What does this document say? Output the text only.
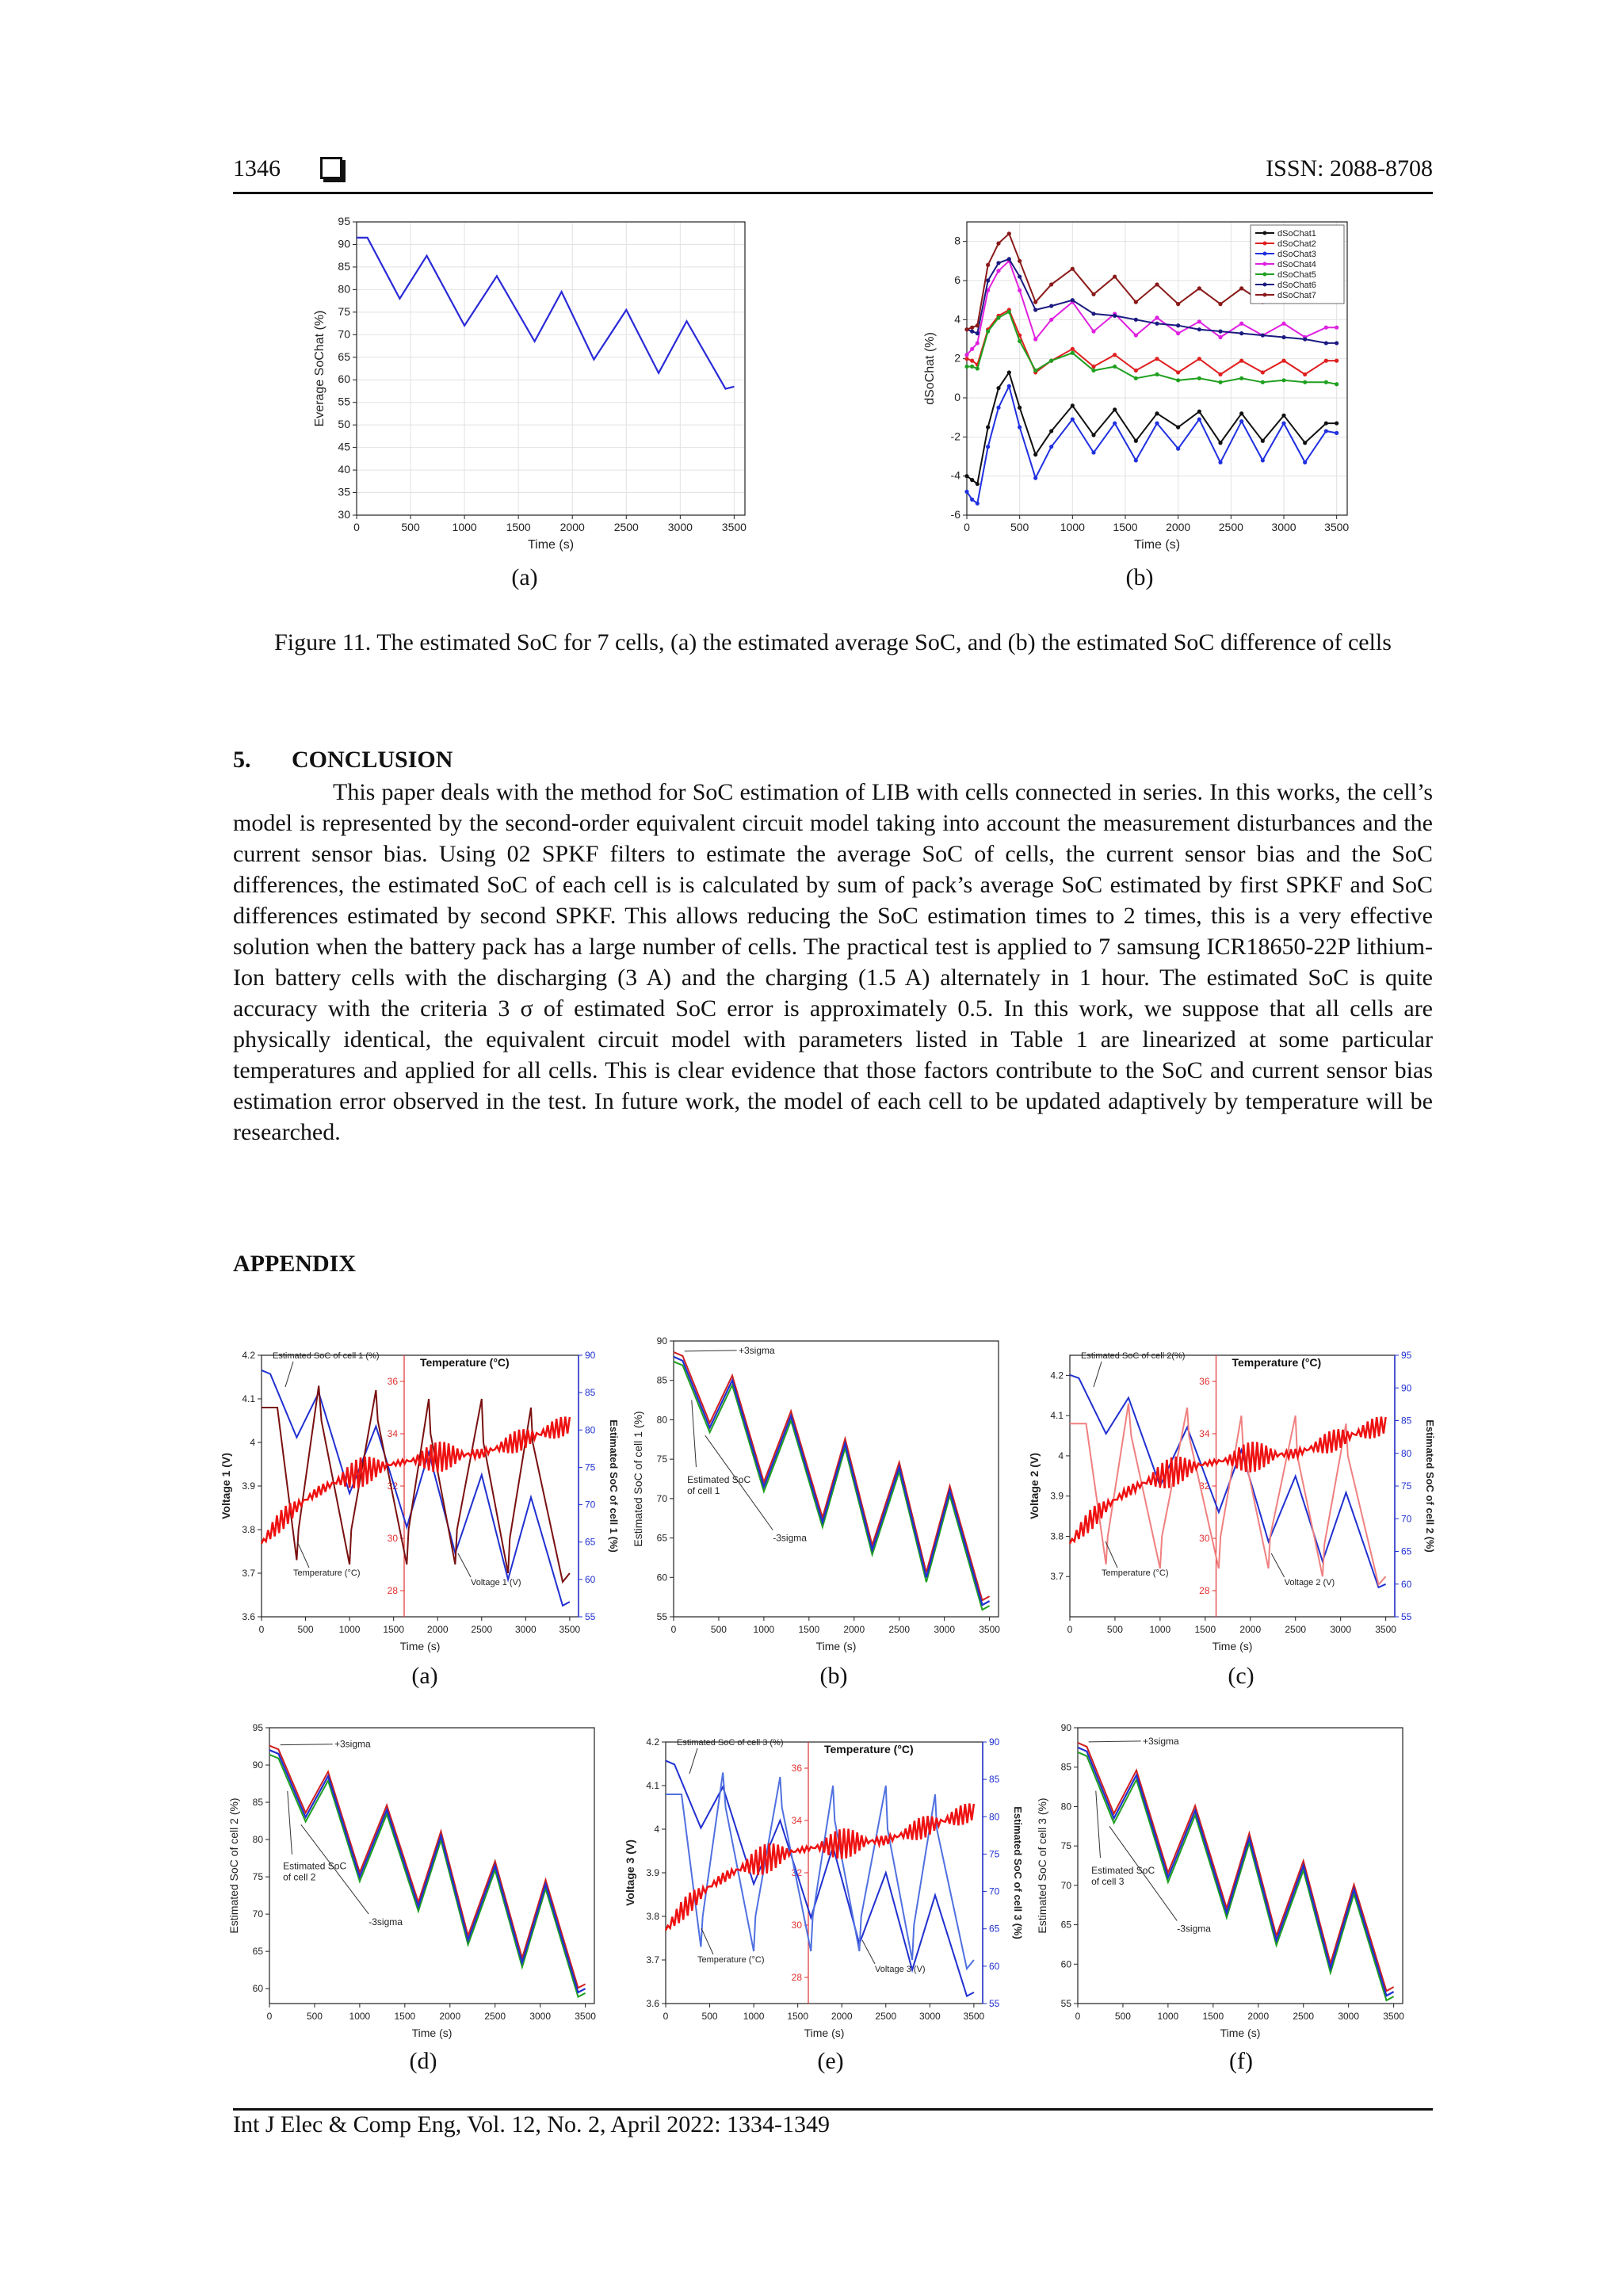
1346	ISSN: 2088-8708
0	500	1000	1500	2000	2500	3000	3500
30
35
40
45
50
55
60
65
70
75
80
85
90
95
Time (s)
Everage SoChat (%)
(a)
0	500	1000	1500	2000	2500	3000	3500
-6
-4
-2
0
2
4
6
8
Time (s)
dSoChat (%)
dSoChat1
dSoChat2
dSoChat3
dSoChat4
dSoChat5
dSoChat6
dSoChat7
(b)
Figure 11. The estimated SoC for 7 cells, (a) the estimated average SoC, and (b) the estimated SoC difference of cells
5. CONCLUSION
This paper deals with the method for SoC estimation of LIB with cells connected in series. In this works, the cell’s model is represented by the second-order equivalent circuit model taking into account the measurement disturbances and the current sensor bias. Using 02 SPKF filters to estimate the average SoC of cells, the current sensor bias and the SoC differences, the estimated SoC of each cell is is calculated by sum of pack’s average SoC estimated by first SPKF and SoC differences estimated by second SPKF. This allows reducing the SoC estimation times to 2 times, this is a very effective solution when the battery pack has a large number of cells. The practical test is applied to 7 samsung ICR18650-22P lithium-Ion battery cells with the discharging (3 A) and the charging (1.5 A) alternately in 1 hour. The estimated SoC is quite accuracy with the criteria 3 σ of estimated SoC error is approximately 0.5. In this work, we suppose that all cells are physically identical, the equivalent circuit model with parameters listed in Table 1 are linearized at some particular temperatures and applied for all cells. This is clear evidence that those factors contribute to the SoC and current sensor bias estimation error observed in the test. In future work, the model of each cell to be updated adaptively by temperature will be researched.
APPENDIX
0	500	1000 1500 2000 2500 3000 3500
3.6
3.7
3.8
3.9
4
4.1
4.2
Time (s)
Voltage 1 (V)
55
60
65
70
75
80
85
90
Estimated SoC of cell 1 (%)
28
30
32
34
36
Temperature (°C)
Estimated SoC of cell 1 (%)
Temperature (°C)
Voltage 1 (V)
0	500	1000	1500	2000	2500	3000	3500
55
60
65
70
75
80
85
90
Time (s)
Estimated SoC of cell 1 (%)
+3sigma
-3sigma
Estimated SoC
of cell 1
0	500	1000	1500	2000	2500	3000	3500
3.7
3.8
3.9
4
4.1
4.2
Time (s)
Voltage 2 (V)
55
60
65
70
75
80
85
90
95
Estimated SoC of cell 2 (%)
28
30
32
34
36
Temperature (°C)
Estimated SoC of cell 2(%)
Temperature (°C)
Voltage 2 (V)
(a)	(b)	(c)
0	500	1000	1500	2000	2500	3000	3500
60
65
70
75
80
85
90
95
Time (s)
Estimated SoC of cell 2 (%)
+3sigma
-3sigma
Estimated SoC
of cell 2
0	500	1000 1500 2000 2500 3000 3500
3.6
3.7
3.8
3.9
4
4.1
4.2
Time (s)
Voltage 3 (V)
55
60
65
70
75
80
85
90
Estimated SoC of cell 3 (%)
28
30
32
34
36
Temperature (°C)
Estimated SoC of cell 3 (%)
Temperature (°C)
Voltage 3 (V)
0	500	1000	1500	2000	2500	3000	3500
55
60
65
70
75
80
85
90
Time (s)
Estimated SoC of cell 3 (%)
+3sigma
-3sigma
Estimated SoC
of cell 3
(d)	(e)	(f)
Int J Elec & Comp Eng, Vol. 12, No. 2, April 2022: 1334-1349
